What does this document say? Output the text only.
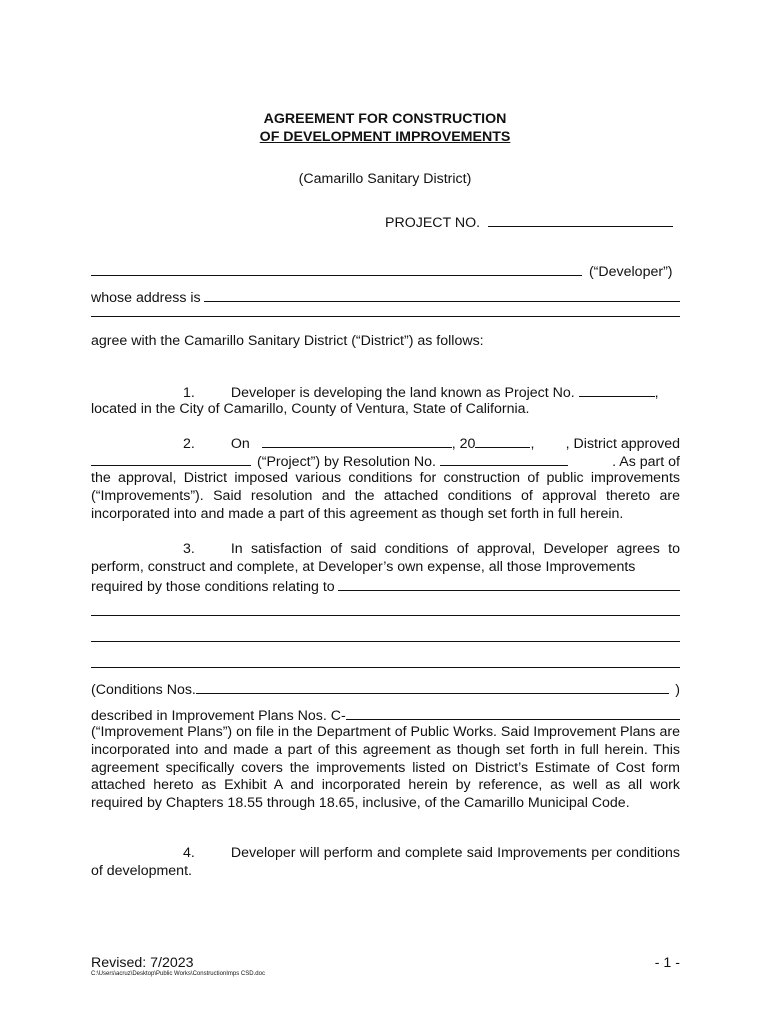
AGREEMENT FOR CONSTRUCTION
OF DEVELOPMENT IMPROVEMENTS
(Camarillo Sanitary District)
PROJECT NO.
(“Developer”)
whose address is
agree with the Camarillo Sanitary District (“District”) as follows:
1.	Developer is developing the land known as Project No.	,
located in the City of Camarillo, County of Ventura, State of California.
2.	On	, 20	, , District approved
(“Project”) by Resolution No.	. As part of
the approval, District imposed various conditions for construction of public improvements (“Improvements”). Said resolution and the attached conditions of approval thereto are incorporated into and made a part of this agreement as though set forth in full herein.
3.	In satisfaction of said conditions of approval, Developer agrees to perform, construct and complete, at Developer’s own expense, all those Improvements
required by those conditions relating to
(Conditions Nos.	)
described in Improvement Plans Nos. C-
(“Improvement Plans”) on file in the Department of Public Works. Said Improvement Plans are incorporated into and made a part of this agreement as though set forth in full herein. This agreement specifically covers the improvements listed on District’s Estimate of Cost form attached hereto as Exhibit A and incorporated herein by reference, as well as all work required by Chapters 18.55 through 18.65, inclusive, of the Camarillo Municipal Code.
4.	Developer will perform and complete said Improvements per conditions of development.
Revised: 7/2023	- 1 -
C:\Users\acruz\Desktop\Public Works\ConstructionImps CSD.doc
